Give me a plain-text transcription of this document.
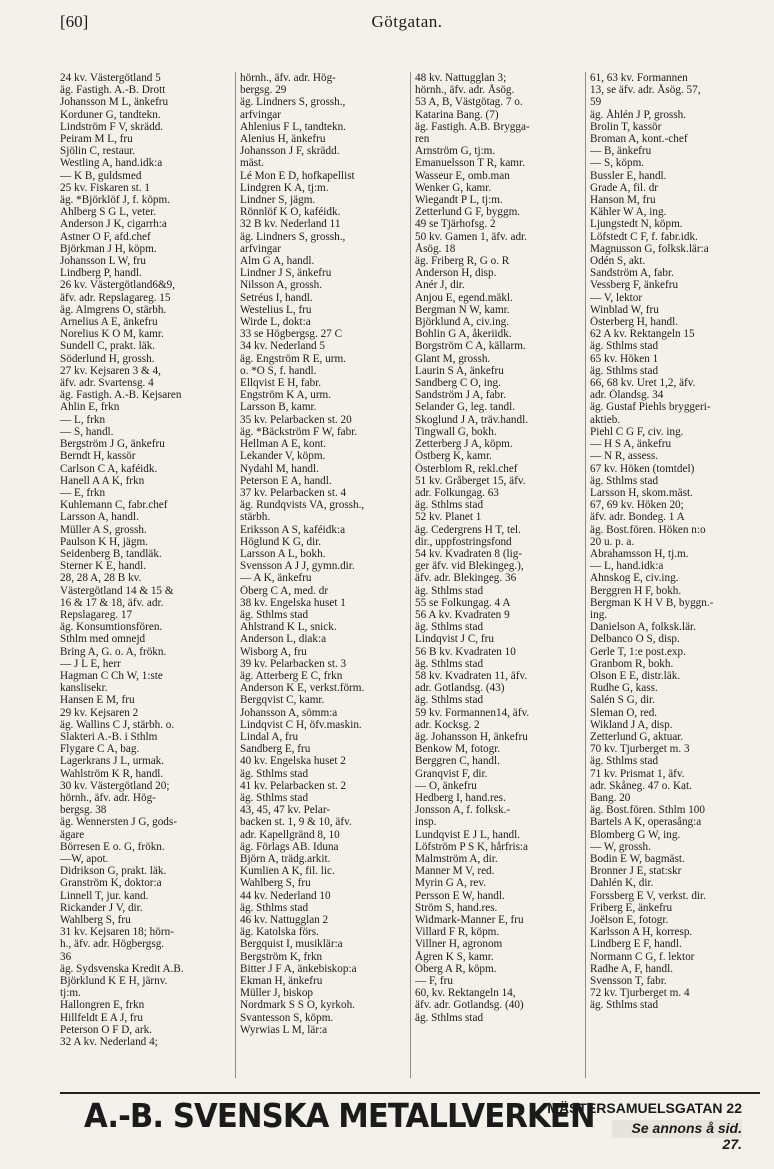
[60]	Götgatan.
24 kv. Västergötland 5
äg. Fastigh. A.-B. Drott
Johansson M L, änkefru
Korduner G, tandtekn.
Lindström F V, skrädd.
Peiram M L, fru
Sjölin C, restaur.
Westling A, hand.idk:a
— K B, guldsmed
25 kv. Fiskaren st. 1
äg. *Björklöf J, f. köpm.
Ahlberg S G L, veter.
Anderson J K, cigarrh:a
Astner O F, afd.chef
Björkman J H, köpm.
Johansson L W, fru
Lindberg P, handl.
26 kv. Västergötland6&9,
äfv. adr. Repslagareg. 15
äg. Almgrens O, stärbh.
Arnelius A E, änkefru
Norelius K O M, kamr.
Sundell C, prakt. läk.
Söderlund H, grossh.
27 kv. Kejsaren 3 & 4,
äfv. adr. Svartensg. 4
äg. Fastigh. A.-B. Kejsaren
Ahlin E, frkn
— L, frkn
— S, handl.
Bergström J G, änkefru
Berndt H, kassör
Carlson C A, kaféidk.
Hanell A A K, frkn
— E, frkn
Kuhlemann C, fabr.chef
Larsson A, handl.
Müller A S, grossh.
Paulson K H, jägm.
Seidenberg B, tandläk.
Sterner K E, handl.
28, 28 A, 28 B kv.
Västergötland 14 & 15 &
16 & 17 & 18, äfv. adr.
Repslagareg. 17
äg. Konsumtionsfören.
Sthlm med omnejd
Bring A, G. o. A, frökn.
— J L E, herr
Hagman C Ch W, 1:ste
kanslisekr.
Hansen E M, fru
29 kv. Kejsaren 2
äg. Wallins C J, stärbh. o.
Slakteri A.-B. i Sthlm
Flygare C A, bag.
Lagerkrans J L, urmak.
Wahlström K R, handl.
30 kv. Västergötland 20;
hörnh., äfv. adr. Hög-
bergsg. 38
äg. Wennersten J G, gods-
ägare
Börresen E o. G, frökn.
—W, apot.
Didrikson G, prakt. läk.
Granström K, doktor:a
Linnell T, jur. kand.
Rickander J V, dir.
Wahlberg S, fru
31 kv. Kejsaren 18; hörn-
h., äfv. adr. Högbergsg.
36
äg. Sydsvenska Kredit A.B.
Björklund K E H, järnv.
tj:m.
Hallongren E, frkn
Hillfeldt E A J, fru
Peterson O F D, ark.
32 A kv. Nederland 4;
hörnh., äfv. adr. Hög-
bergsg. 29
äg. Lindners S, grossh.,
arfvingar
Ahlenius F L, tandtekn.
Alenius H, änkefru
Johansson J F, skrädd.
mäst.
Lé Mon E D, hofkapellist
Lindgren K A, tj:m.
Lindner S, jägm.
Rönnlöf K O, kaféidk.
32 B kv. Nederland 11
äg. Lindners S, grossh.,
arfvingar
Alm G A, handl.
Lindner J S, änkefru
Nilsson A, grossh.
Setréus I, handl.
Westelius L, fru
Wirde L, dokt:a
33 se Högbergsg. 27 C
34 kv. Nederland 5
äg. Engström R E, urm.
o. *O S, f. handl.
Ellqvist E H, fabr.
Engström K A, urm.
Larsson B, kamr.
35 kv. Pelarbacken st. 20
äg. *Bäckström F W, fabr.
Hellman A E, kont.
Lekander V, köpm.
Nydahl M, handl.
Peterson E A, handl.
37 kv. Pelarbacken st. 4
äg. Rundqvists VA, grossh.,
stärbh.
Eriksson A S, kaféidk:a
Höglund K G, dir.
Larsson A L, bokh.
Svensson A J J, gymn.dir.
— A K, änkefru
Öberg C A, med. dr
38 kv. Engelska huset 1
äg. Sthlms stad
Ahlstrand K L, snick.
Anderson L, diak:a
Wisborg A, fru
39 kv. Pelarbacken st. 3
äg. Atterberg E C, frkn
Anderson K E, verkst.förm.
Bergqvist C, kamr.
Johansson A, sömm:a
Lindqvist C H, öfv.maskin.
Lindal A, fru
Sandberg E, fru
40 kv. Engelska huset 2
äg. Sthlms stad
41 kv. Pelarbacken st. 2
äg. Sthlms stad
43, 45, 47 kv. Pelar-
backen st. 1, 9 & 10, äfv.
adr. Kapellgränd 8, 10
äg. Förlags AB. Iduna
Björn A, trädg.arkit.
Kumlien A K, fil. lic.
Wahlberg S, fru
44 kv. Nederland 10
äg. Sthlms stad
46 kv. Nattugglan 2
äg. Katolska förs.
Bergquist I, musiklär:a
Bergström K, frkn
Bitter J F A, änkebiskop:a
Ekman H, änkefru
Müller J, biskop
Nordmark S S O, kyrkoh.
Svantesson S, köpm.
Wyrwias L M, lär:a
48 kv. Nattugglan 3;
hörnh., äfv. adr. Åsög.
53 A, B, Västgötag. 7 o.
Katarina Bang. (7)
äg. Fastigh. A.B. Brygga-
ren
Arnström G, tj:m.
Emanuelsson T R, kamr.
Wasseur E, omb.man
Wenker G, kamr.
Wiegandt P L, tj:m.
Zetterlund G F, byggm.
49 se Tjärhofsg. 2
50 kv. Gamen 1, äfv. adr.
Åsög. 18
äg. Friberg R, G o. R
Anderson H, disp.
Anér J, dir.
Anjou E, egend.mäkl.
Bergman N W, kamr.
Björklund A, civ.ing.
Bohlin G A, åkeriidk.
Borgström C A, källarm.
Glant M, grossh.
Laurin S A, änkefru
Sandberg C O, ing.
Sandström J A, fabr.
Selander G, leg. tandl.
Skoglund J A, träv.handl.
Tingwall G, bokh.
Zetterberg J A, köpm.
Östberg K, kamr.
Österblom R, rekl.chef
51 kv. Gråberget 15, äfv.
adr. Folkungag. 63
äg. Sthlms stad
52 kv. Planet 1
äg. Cedergrens H T, tel.
dir., uppfostringsfond
54 kv. Kvadraten 8 (lig-
ger äfv. vid Blekingeg.),
äfv. adr. Blekingeg. 36
äg. Sthlms stad
55 se Folkungag. 4 A
56 A kv. Kvadraten 9
äg. Sthlms stad
Lindqvist J C, fru
56 B kv. Kvadraten 10
äg. Sthlms stad
58 kv. Kvadraten 11, äfv.
adr. Gotlandsg. (43)
äg. Sthlms stad
59 kv. Formannen14, äfv.
adr. Kocksg. 2
äg. Johansson H, änkefru
Benkow M, fotogr.
Berggren C, handl.
Granqvist F, dir.
— O, änkefru
Hedberg I, hand.res.
Jonsson A, f. folksk.-
insp.
Lundqvist E J L, handl.
Löfström P S K, hårfris:a
Malmström A, dir.
Manner M V, red.
Myrin G A, rev.
Persson E W, handl.
Ström S, hand.res.
Widmark-Manner E, fru
Villard F R, köpm.
Villner H, agronom
Ågren K S, kamr.
Öberg A R, köpm.
— F, fru
60, kv. Rektangeln 14,
äfv. adr. Gotlandsg. (40)
äg. Sthlms stad
61, 63 kv. Formannen
13, se äfv. adr. Åsög. 57,
59
äg. Åhlén J P, grossh.
Brolin T, kassör
Broman A, kont.-chef
— B, änkefru
— S, köpm.
Bussler E, handl.
Grade A, fil. dr
Hanson M, fru
Kähler W A, ing.
Ljungstedt N, köpm.
Löfstedt C F, f. fabr.idk.
Magnusson G, folksk.lär:a
Odén S, akt.
Sandström A, fabr.
Vessberg F, änkefru
— V, lektor
Winblad W, fru
Österberg H, handl.
62 A kv. Rektangeln 15
äg. Sthlms stad
65 kv. Höken 1
äg. Sthlms stad
66, 68 kv. Uret 1,2, äfv.
adr. Ölandsg. 34
äg. Gustaf Piehls bryggeri-
aktieb.
Piehl C G F, civ. ing.
— H S A, änkefru
— N R, assess.
67 kv. Höken (tomtdel)
äg. Sthlms stad
Larsson H, skom.mäst.
67, 69 kv. Höken 20;
äfv. adr. Bondeg. 1 A
äg. Bost.fören. Höken n:o
20 u. p. a.
Abrahamsson H, tj.m.
— L, hand.idk:a
Ahnskog E, civ.ing.
Berggren H F, bokh.
Bergman K H V B, byggn.-
ing.
Danielson A, folksk.lär.
Delbanco O S, disp.
Gerle T, 1:e post.exp.
Granbom R, bokh.
Olson E E, distr.läk.
Rudhe G, kass.
Salén S G, dir.
Sleman O, red.
Wikland J A, disp.
Zetterlund G, aktuar.
70 kv. Tjurberget m. 3
äg. Sthlms stad
71 kv. Prismat 1, äfv.
adr. Skåneg. 47 o. Kat.
Bang. 20
äg. Bost.fören. Sthlm 100
Bartels A K, operasång:a
Blomberg G W, ing.
— W, grossh.
Bodin E W, bagmäst.
Bronner J E, stat:skr
Dahlén K, dir.
Forssberg E V, verkst. dir.
Friberg E, änkefru
Joëlson E, fotogr.
Karlsson A H, korresp.
Lindberg E F, handl.
Normann C G, f. lektor
Radhe A, F, handl.
Svensson T, fabr.
72 kv. Tjurberget m. 4
äg. Sthlms stad
A.-B. SVENSKA METALLVERKEN
MÄSTERSAMUELSGATAN 22
Se annons å sid. 27.
